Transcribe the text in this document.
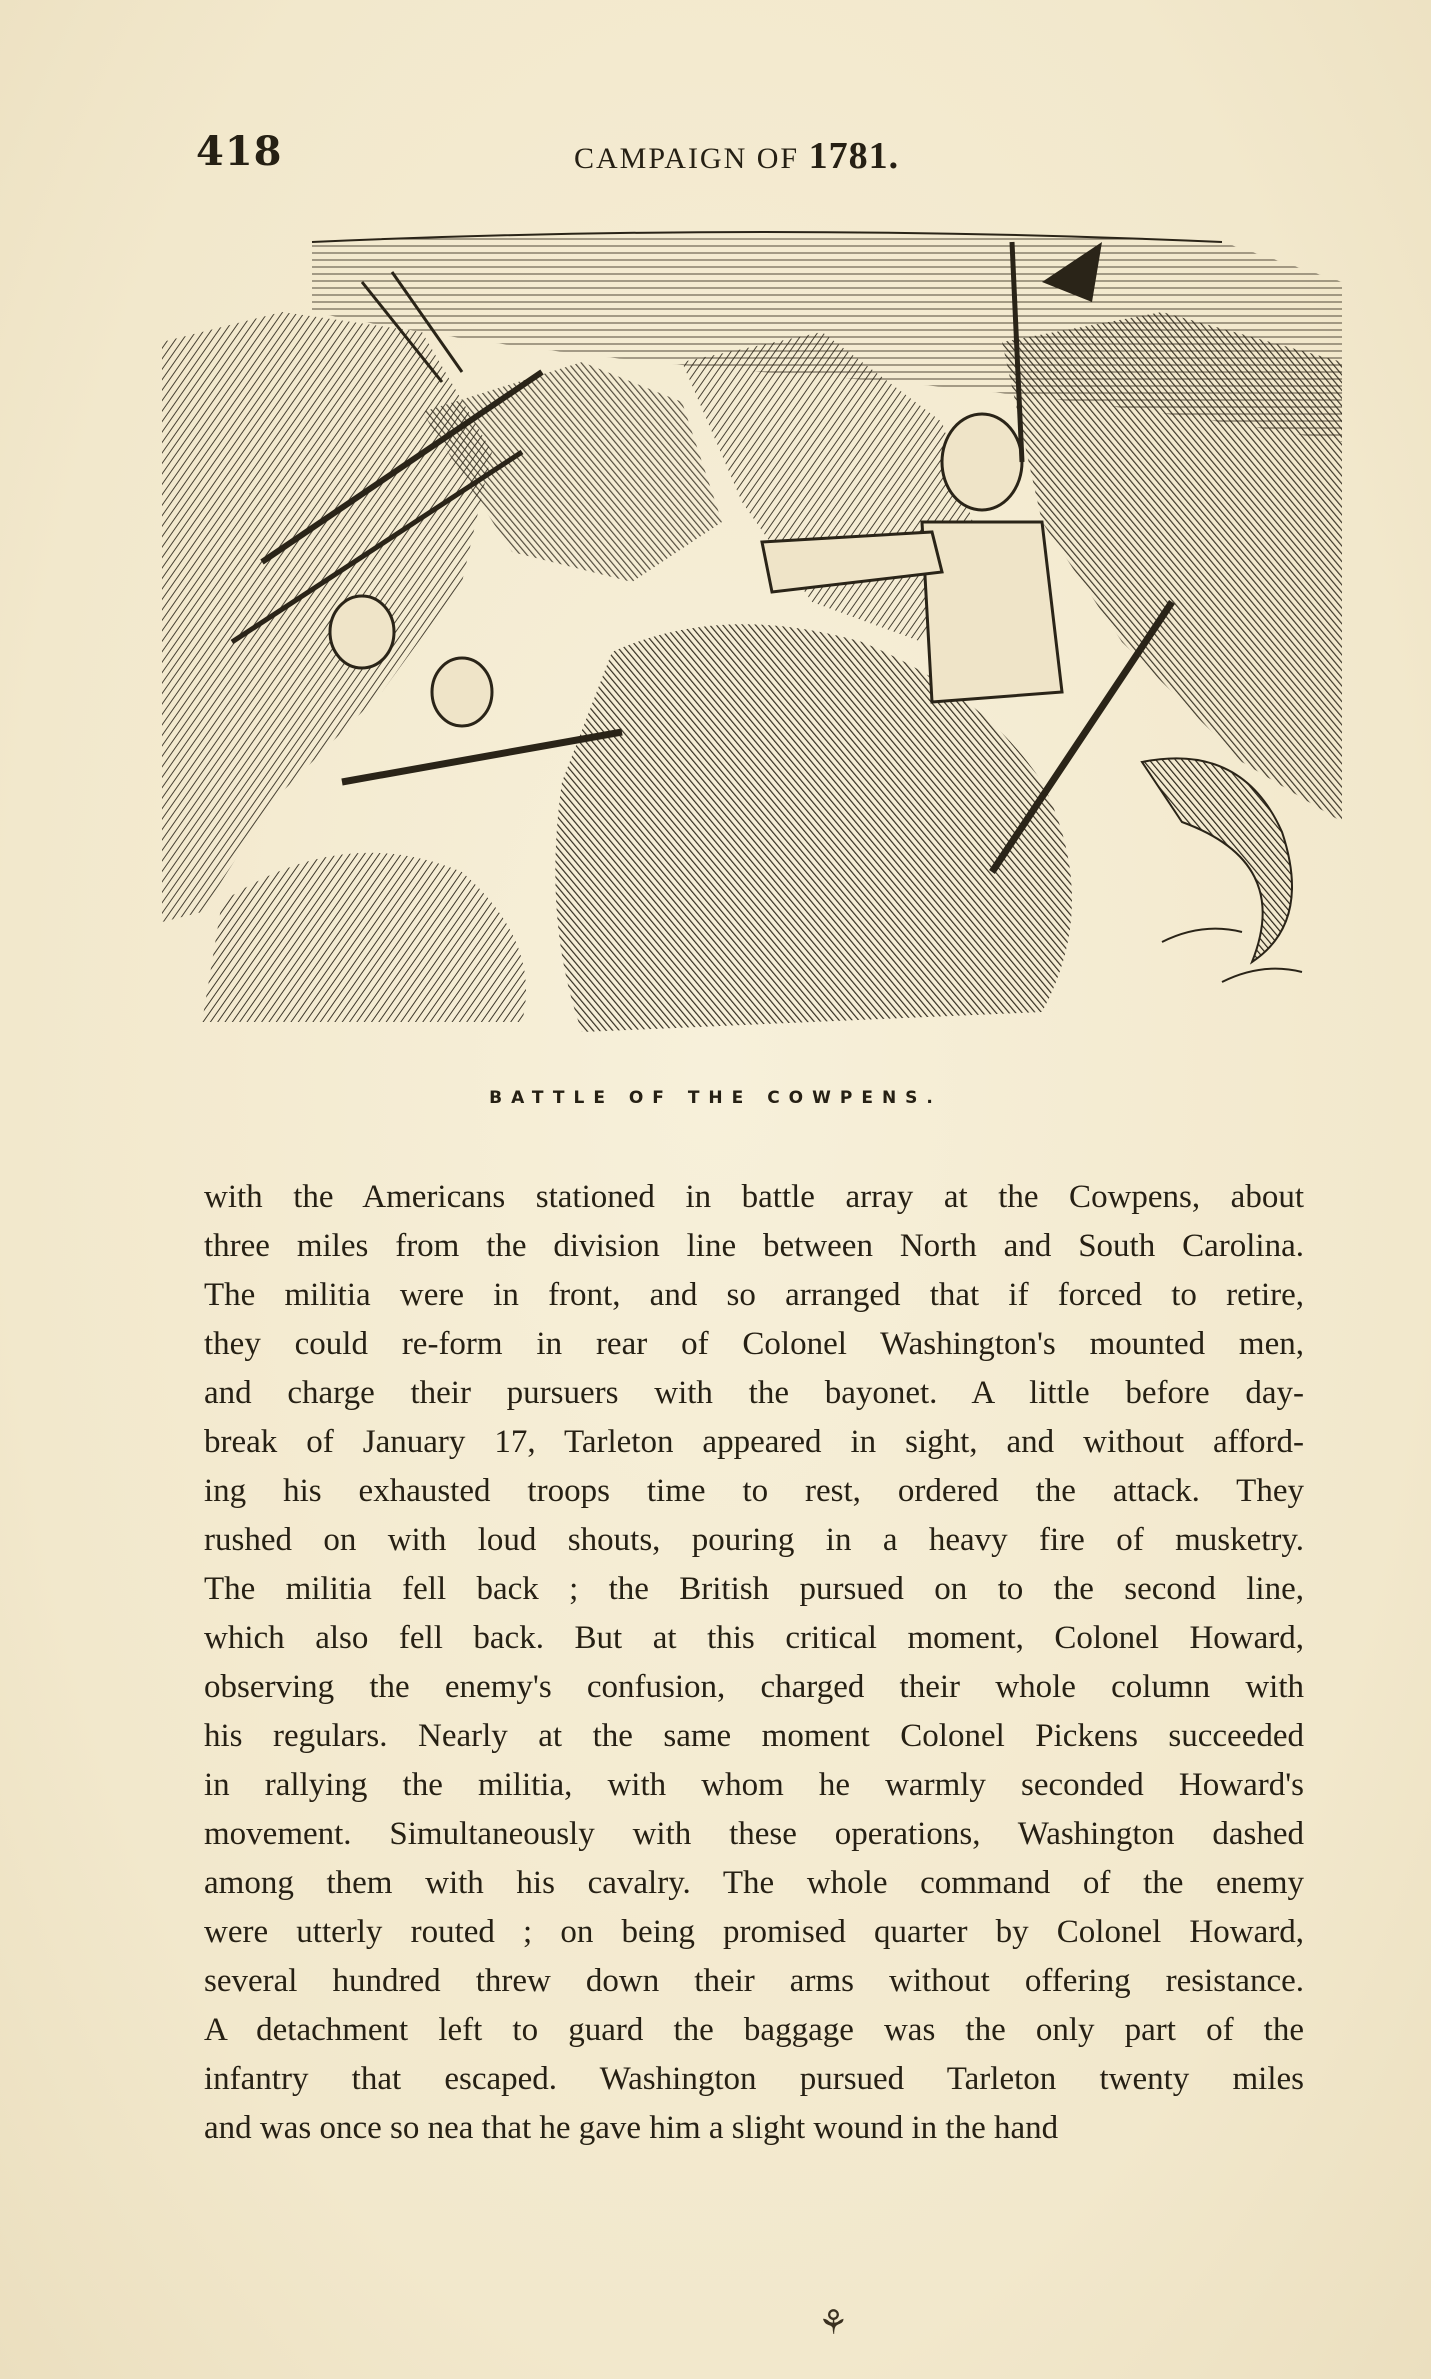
418	CAMPAIGN OF 1781.
BATTLE OF THE COWPENS.
with the Americans stationed in battle array at the Cowpens, about
three miles from the division line between North and South Carolina.
The militia were in front, and so arranged that if forced to retire,
they could re-form in rear of Colonel Washington's mounted men,
and charge their pursuers with the bayonet. A little before day-
break of January 17, Tarleton appeared in sight, and without afford-
ing his exhausted troops time to rest, ordered the attack. They
rushed on with loud shouts, pouring in a heavy fire of musketry.
The militia fell back ; the British pursued on to the second line,
which also fell back. But at this critical moment, Colonel Howard,
observing the enemy's confusion, charged their whole column with
his regulars. Nearly at the same moment Colonel Pickens succeeded
in rallying the militia, with whom he warmly seconded Howard's
movement. Simultaneously with these operations, Washington dashed
among them with his cavalry. The whole command of the enemy
were utterly routed ; on being promised quarter by Colonel Howard,
several hundred threw down their arms without offering resistance.
A detachment left to guard the baggage was the only part of the
infantry that escaped. Washington pursued Tarleton twenty miles
and was once so nea that he gave him a slight wound in the hand
⚘
